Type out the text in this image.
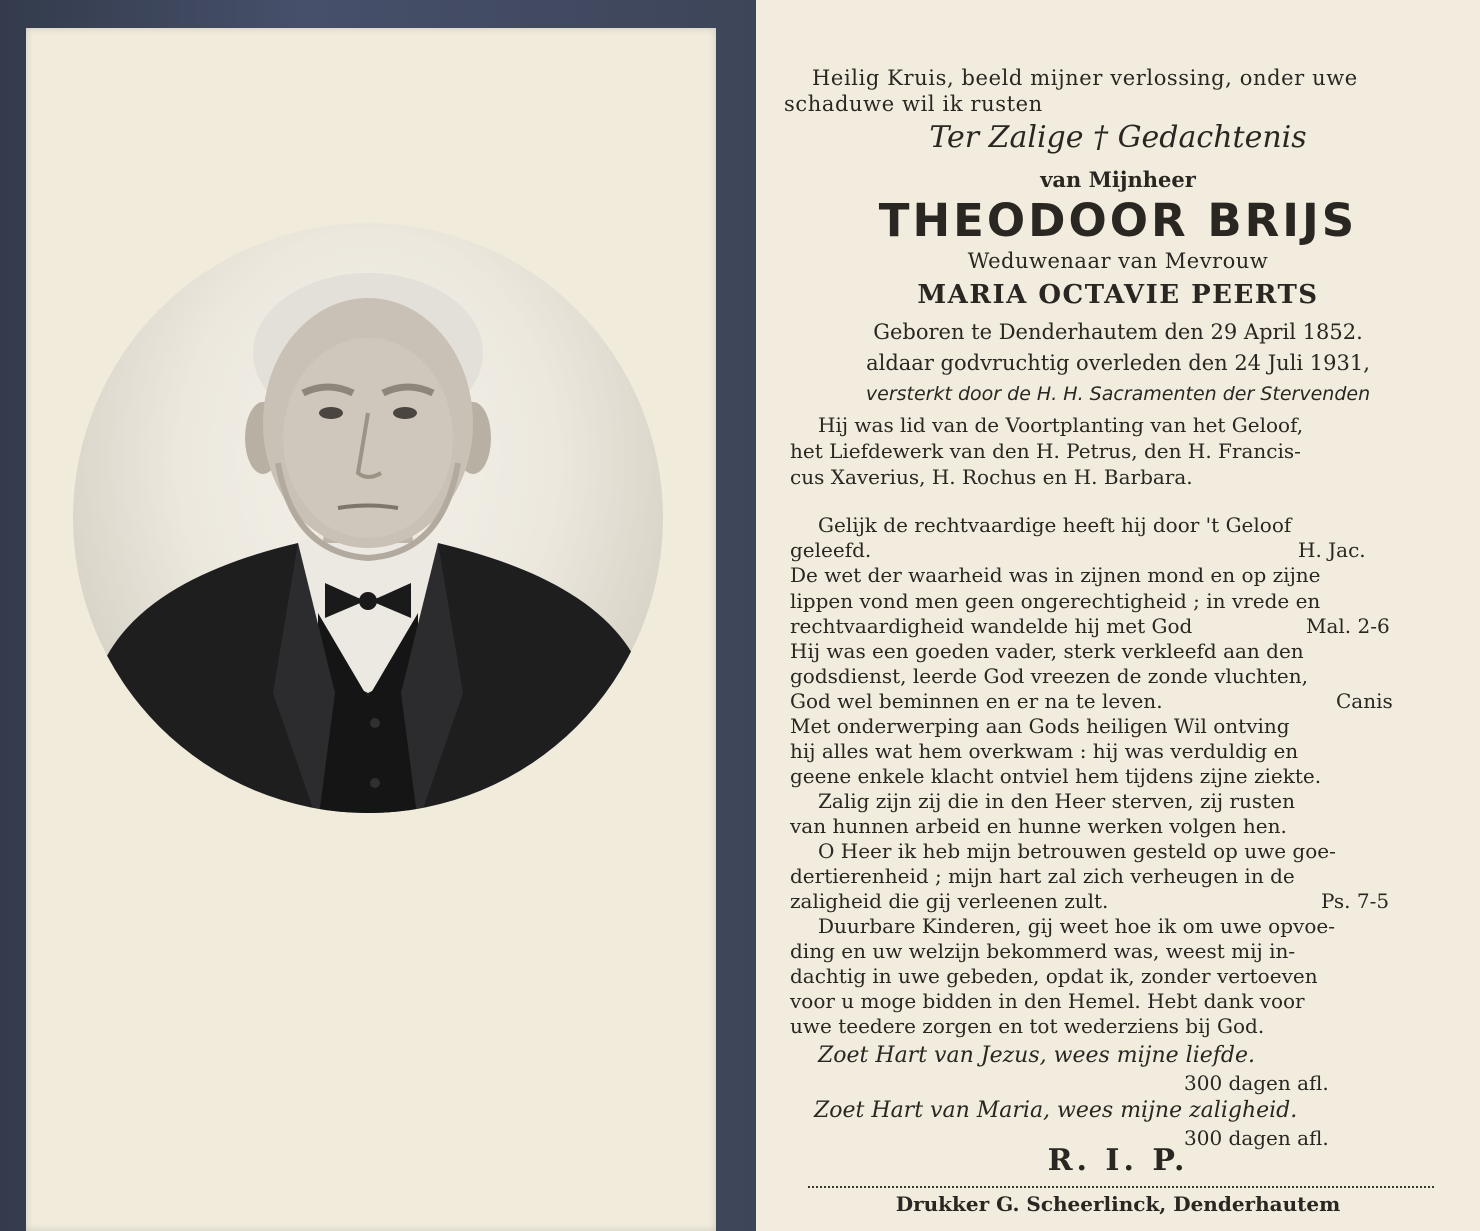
Heilig Kruis, beeld mijner verlossing, onder uwe
schaduwe wil ik rusten
Ter Zalige † Gedachtenis
van Mijnheer
THEODOOR BRIJS
Weduwenaar van Mevrouw
MARIA OCTAVIE PEERTS
Geboren te Denderhautem den 29 April 1852.
aldaar godvruchtig overleden den 24 Juli 1931,
versterkt door de H. H. Sacramenten der Stervenden
Hij was lid van de Voortplanting van het Geloof,
het Liefdewerk van den H. Petrus, den H. Francis-
cus Xaverius, H. Rochus en H. Barbara.
Gelijk de rechtvaardige heeft hij door 't Geloof
geleefd.	H. Jac.
De wet der waarheid was in zijnen mond en op zijne
lippen vond men geen ongerechtigheid ; in vrede en
rechtvaardigheid wandelde hij met God	Mal. 2-6
Hij was een goeden vader, sterk verkleefd aan den
godsdienst, leerde God vreezen de zonde vluchten,
God wel beminnen en er na te leven.	Canis
Met onderwerping aan Gods heiligen Wil ontving
hij alles wat hem overkwam : hij was verduldig en
geene enkele klacht ontviel hem tijdens zijne ziekte.
Zalig zijn zij die in den Heer sterven, zij rusten
van hunnen arbeid en hunne werken volgen hen.
O Heer ik heb mijn betrouwen gesteld op uwe goe-
dertierenheid ; mijn hart zal zich verheugen in de
zaligheid die gij verleenen zult.	Ps. 7-5
Duurbare Kinderen, gij weet hoe ik om uwe opvoe-
ding en uw welzijn bekommerd was, weest mij in-
dachtig in uwe gebeden, opdat ik, zonder vertoeven
voor u moge bidden in den Hemel. Hebt dank voor
uwe teedere zorgen en tot wederziens bij God.
Zoet Hart van Jezus, wees mijne liefde.
300 dagen afl.
Zoet Hart van Maria, wees mijne zaligheid.
300 dagen afl.
R. I. P.
Drukker G. Scheerlinck, Denderhautem
